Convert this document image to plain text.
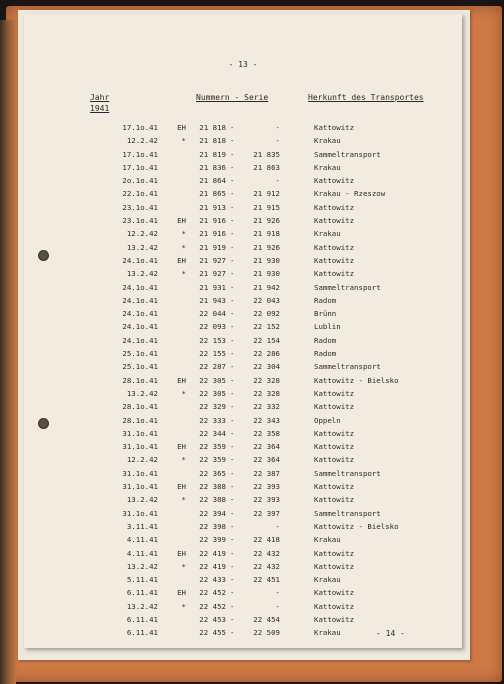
- 13 -
Jahr
1941
Nummern - Serie	Herkunft des Transportes
17.1o.41	EH	21 818 -	-	Kattowitz
12.2.42	*	21 818 -	-	Krakau
17.1o.41	21 819 -	21 835	Sammeltransport
17.1o.41	21 836 -	21 863	Krakau
2o.1o.41	21 864 -	-	Kattowitz
22.1o.41	21 865 -	21 912	Krakau - Rzeszow
23.1o.41	21 913 -	21 915	Kattowitz
23.1o.41	EH	21 916 -	21 926	Kattowitz
12.2.42	*	21 916 -	21 918	Krakau
13.2.42	*	21 919 -	21 926	Kattowitz
24.1o.41	EH	21 927 -	21 930	Kattowitz
13.2.42	*	21 927 -	21 930	Kattowitz
24.1o.41	21 931 -	21 942	Sammeltransport
24.1o.41	21 943 -	22 043	Radom
24.1o.41	22 044 -	22 092	Brünn
24.1o.41	22 093 -	22 152	Lublin
24.1o.41	22 153 -	22 154	Radom
25.1o.41	22 155 -	22 286	Radom
25.1o.41	22 287 -	22 304	Sammeltransport
28.1o.41	EH	22 305 -	22 328	Kattowitz - Bielsko
13.2.42	*	22 305 -	22 328	Kattowitz
28.1o.41	22 329 -	22 332	Kattowitz
28.1o.41	22 333 -	22 343	Oppeln
31.1o.41	22 344 -	22 358	Kattowitz
31.1o.41	EH	22 359 -	22 364	Kattowitz
12.2.42	*	22 359 -	22 364	Kattowitz
31.1o.41	22 365 -	22 387	Sammeltransport
31.1o.41	EH	22 388 -	22 393	Kattowitz
13.2.42	*	22 388 -	22 393	Kattowitz
31.1o.41	22 394 -	22 397	Sammeltransport
3.11.41	22 398 -	-	Kattowitz - Bielsko
4.11.41	22 399 -	22 418	Krakau
4.11.41	EH	22 419 -	22 432	Kattowitz
13.2.42	*	22 419 -	22 432	Kattowitz
5.11.41	22 433 -	22 451	Krakau
6.11.41	EH	22 452 -	-	Kattowitz
13.2.42	*	22 452 -	-	Kattowitz
6.11.41	22 453 -	22 454	Kattowitz
6.11.41	22 455 -	22 509	Krakau	- 14 -
